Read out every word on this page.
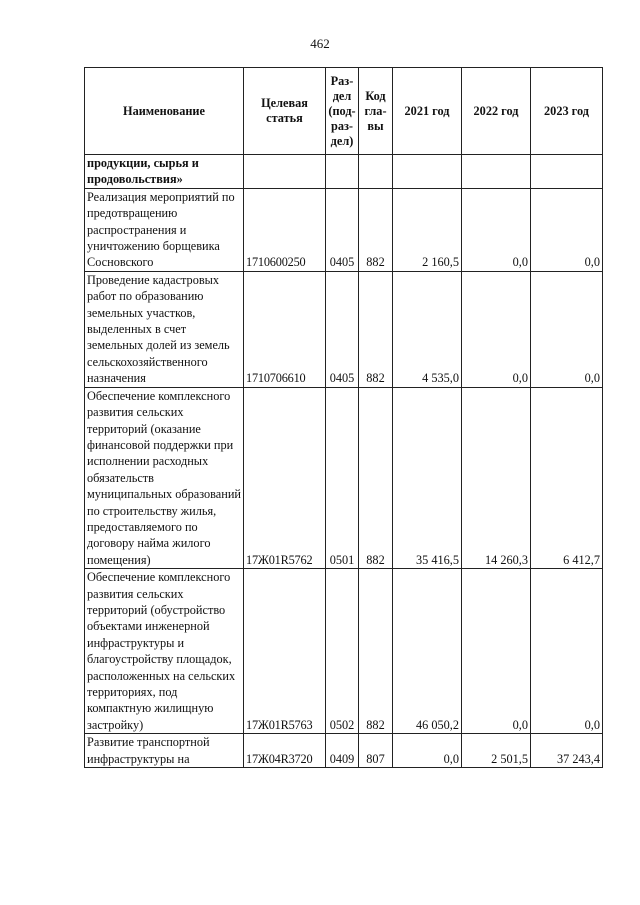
462
Наименование	Целевая статья	Раз-дел (под-раз-дел)	Код гла-вы	2021 год	2022 год	2023 год
продукции, сырья и продовольствия»						
Реализация мероприятий по предотвращению распространения и уничтожению борщевика Сосновского	1710600250	0405	882	2 160,5	0,0	0,0
Проведение кадастровых работ по образованию земельных участков, выделенных в счет земельных долей из земель сельскохозяйственного назначения	1710706610	0405	882	4 535,0	0,0	0,0
Обеспечение комплексного развития сельских территорий (оказание финансовой поддержки при исполнении расходных обязательств муниципальных образований по строительству жилья, предоставляемого по договору найма жилого помещения)	17Ж01R5762	0501	882	35 416,5	14 260,3	6 412,7
Обеспечение комплексного развития сельских территорий (обустройство объектами инженерной инфраструктуры и благоустройству площадок, расположенных на сельских территориях, под компактную жилищную застройку)	17Ж01R5763	0502	882	46 050,2	0,0	0,0
Развитие транспортной инфраструктуры на	17Ж04R3720	0409	807	0,0	2 501,5	37 243,4
